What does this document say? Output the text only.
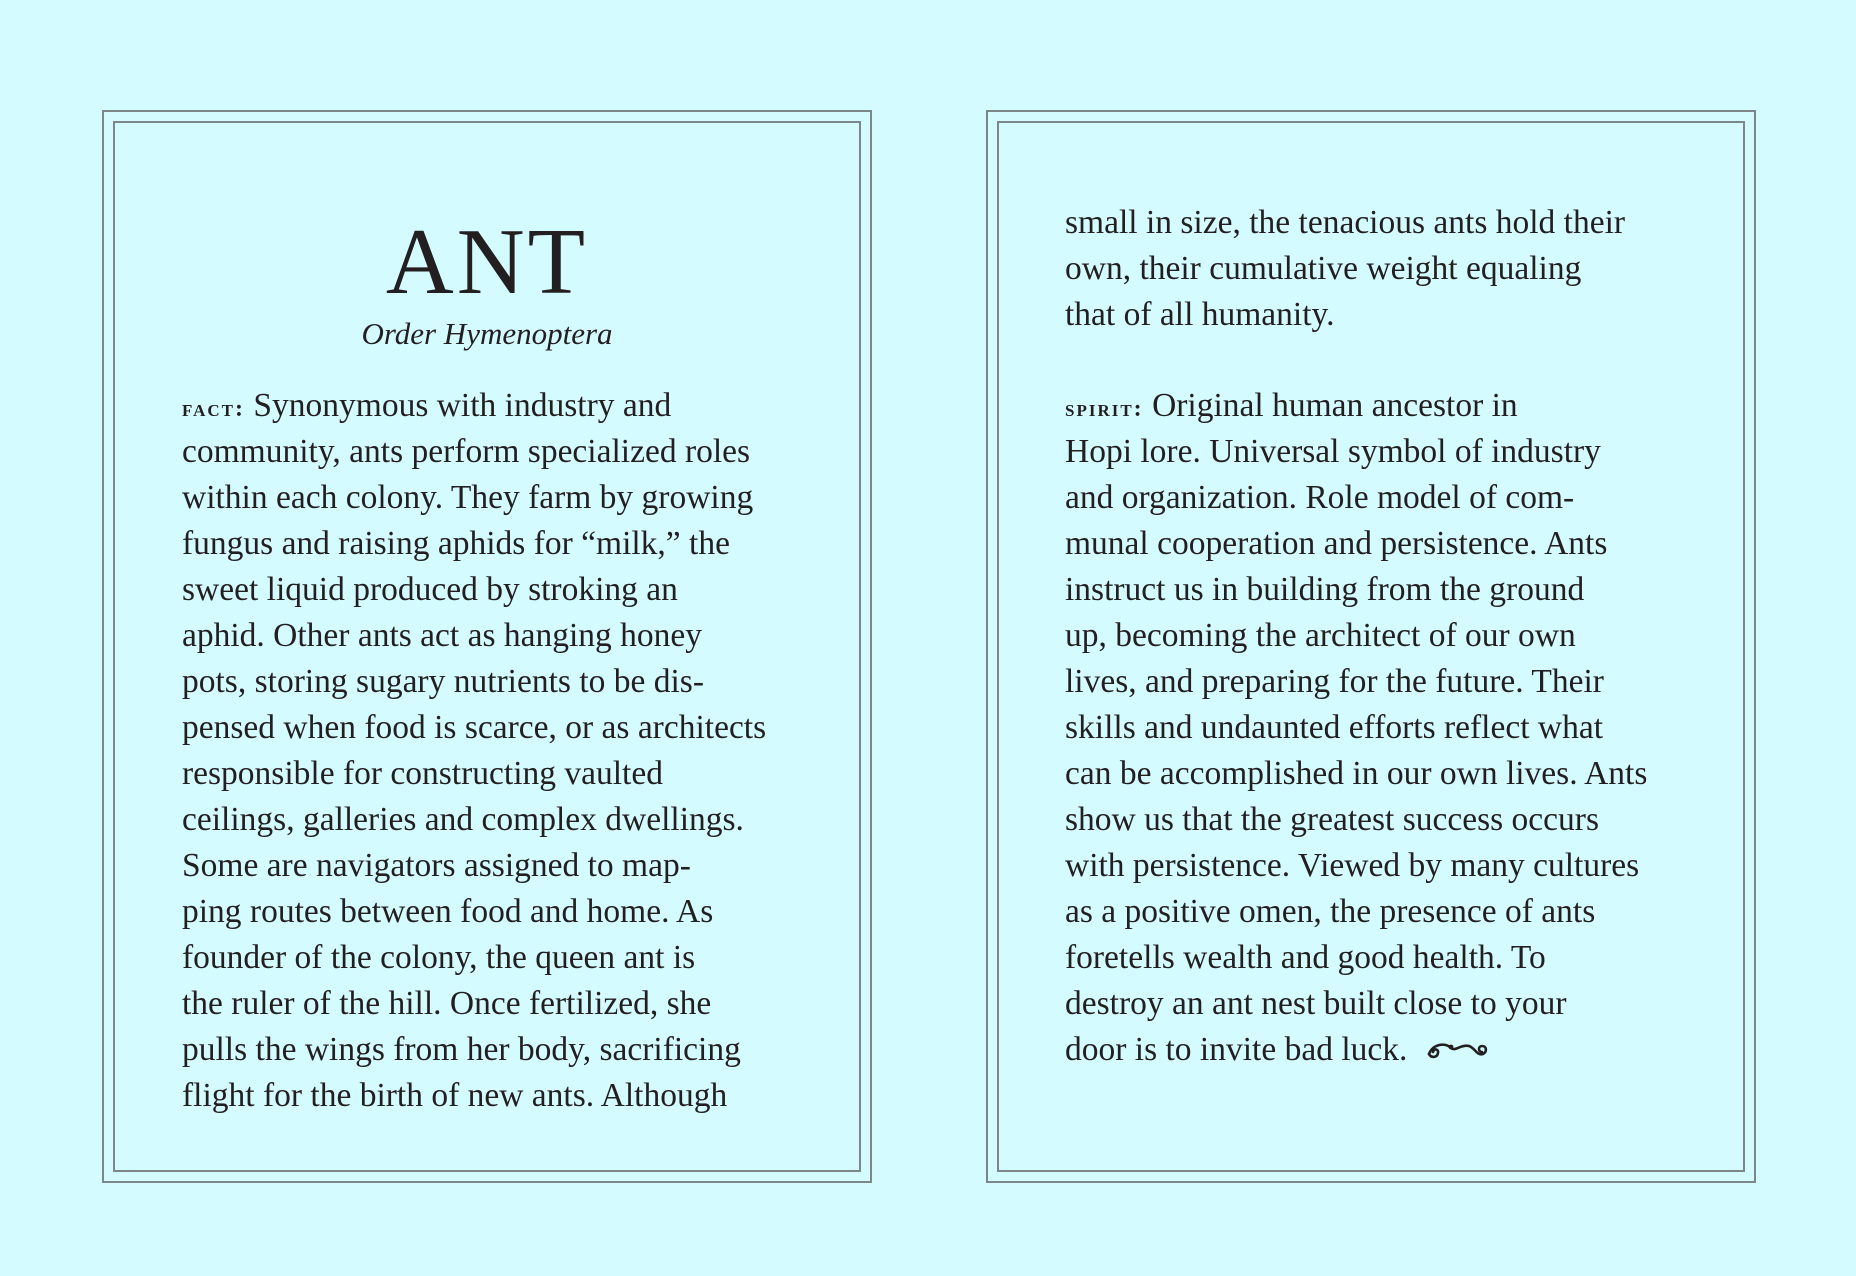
ANT

Order Hymenoptera

fact: Synonymous with industry and
community, ants perform specialized roles
within each colony. They farm by growing
fungus and raising aphids for “milk,” the
sweet liquid produced by stroking an
aphid. Other ants act as hanging honey
pots, storing sugary nutrients to be dis-
pensed when food is scarce, or as architects
responsible for constructing vaulted
ceilings, galleries and complex dwellings.
Some are navigators assigned to map-
ping routes between food and home. As
founder of the colony, the queen ant is
the ruler of the hill. Once fertilized, she
pulls the wings from her body, sacrificing
flight for the birth of new ants. Although

small in size, the tenacious ants hold their
own, their cumulative weight equaling
that of all humanity.

spirit: Original human ancestor in
Hopi lore. Universal symbol of industry
and organization. Role model of com-
munal cooperation and persistence. Ants
instruct us in building from the ground
up, becoming the architect of our own
lives, and preparing for the future. Their
skills and undaunted efforts reflect what
can be accomplished in our own lives. Ants
show us that the greatest success occurs
with persistence. Viewed by many cultures
as a positive omen, the presence of ants
foretells wealth and good health. To
destroy an ant nest built close to your
door is to invite bad luck.
